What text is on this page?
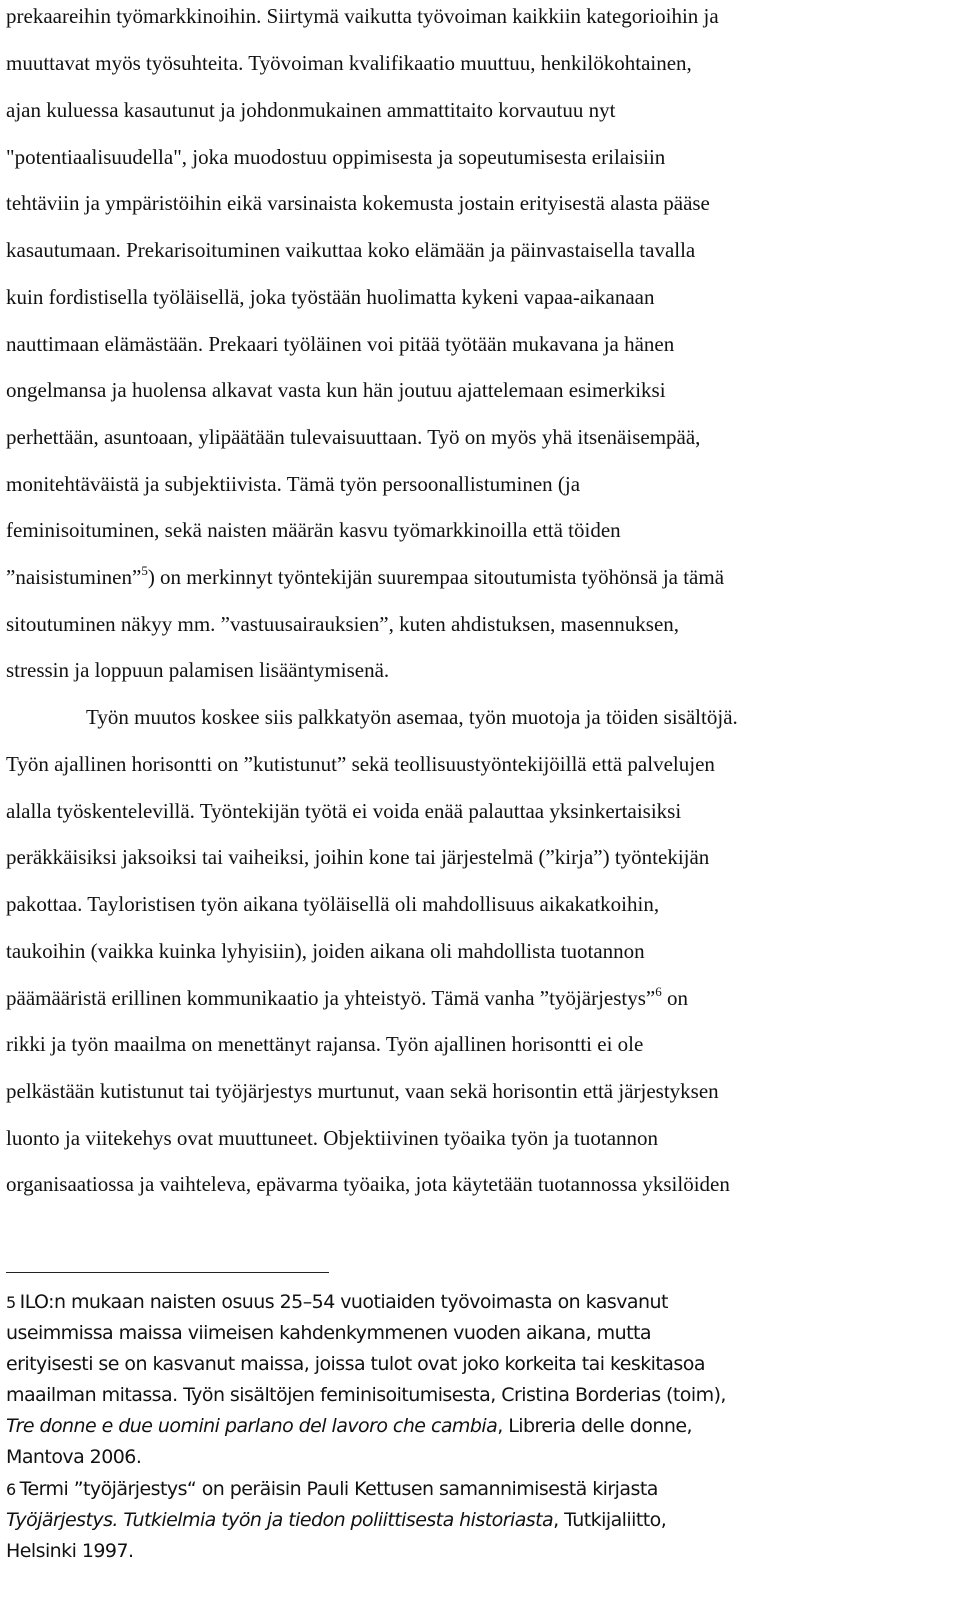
prekaareihin työmarkkinoihin. Siirtymä vaikutta työvoiman kaikkiin kategorioihin ja
muuttavat myös työsuhteita. Työvoiman kvalifikaatio muuttuu, henkilökohtainen,
ajan kuluessa kasautunut ja johdonmukainen ammattitaito korvautuu nyt
"potentiaalisuudella", joka muodostuu oppimisesta ja sopeutumisesta erilaisiin
tehtäviin ja ympäristöihin eikä varsinaista kokemusta jostain erityisestä alasta pääse
kasautumaan. Prekarisoituminen vaikuttaa koko elämään ja päinvastaisella tavalla
kuin fordistisella työläisellä, joka työstään huolimatta kykeni vapaa-aikanaan
nauttimaan elämästään. Prekaari työläinen voi pitää työtään mukavana ja hänen
ongelmansa ja huolensa alkavat vasta kun hän joutuu ajattelemaan esimerkiksi
perhettään, asuntoaan, ylipäätään tulevaisuuttaan. Työ on myös yhä itsenäisempää,
monitehtäväistä ja subjektiivista. Tämä työn persoonallistuminen (ja
feminisoituminen, sekä naisten määrän kasvu työmarkkinoilla että töiden
”naisistuminen”$^5$) on merkinnyt työntekijän suurempaa sitoutumista työhönsä ja tämä
sitoutuminen näkyy mm. ”vastuusairauksien”, kuten ahdistuksen, masennuksen,
stressin ja loppuun palamisen lisääntymisenä.
Työn muutos koskee siis palkkatyön asemaa, työn muotoja ja töiden sisältöjä.
Työn ajallinen horisontti on ”kutistunut” sekä teollisuustyöntekijöillä että palvelujen
alalla työskentelevillä. Työntekijän työtä ei voida enää palauttaa yksinkertaisiksi
peräkkäisiksi jaksoiksi tai vaiheiksi, joihin kone tai järjestelmä (”kirja”) työntekijän
pakottaa. Tayloristisen työn aikana työläisellä oli mahdollisuus aikakatkoihin,
taukoihin (vaikka kuinka lyhyisiin), joiden aikana oli mahdollista tuotannon
päämääristä erillinen kommunikaatio ja yhteistyö. Tämä vanha ”työjärjestys”$^6$ on
rikki ja työn maailma on menettänyt rajansa. Työn ajallinen horisontti ei ole
pelkästään kutistunut tai työjärjestys murtunut, vaan sekä horisontin että järjestyksen
luonto ja viitekehys ovat muuttuneet. Objektiivinen työaika työn ja tuotannon
organisaatiossa ja vaihteleva, epävarma työaika, jota käytetään tuotannossa yksilöiden
5 ILO:n mukaan naisten osuus 25–54 vuotiaiden työvoimasta on kasvanut
useimmissa maissa viimeisen kahdenkymmenen vuoden aikana, mutta
erityisesti se on kasvanut maissa, joissa tulot ovat joko korkeita tai keskitasoa
maailman mitassa. Työn sisältöjen feminisoitumisesta, Cristina Borderias (toim),
Tre donne e due uomini parlano del lavoro che cambia, Libreria delle donne,
Mantova 2006.
6 Termi ”työjärjestys“ on peräisin Pauli Kettusen samannimisestä kirjasta
Työjärjestys. Tutkielmia työn ja tiedon poliittisesta historiasta, Tutkijaliitto,
Helsinki 1997.
